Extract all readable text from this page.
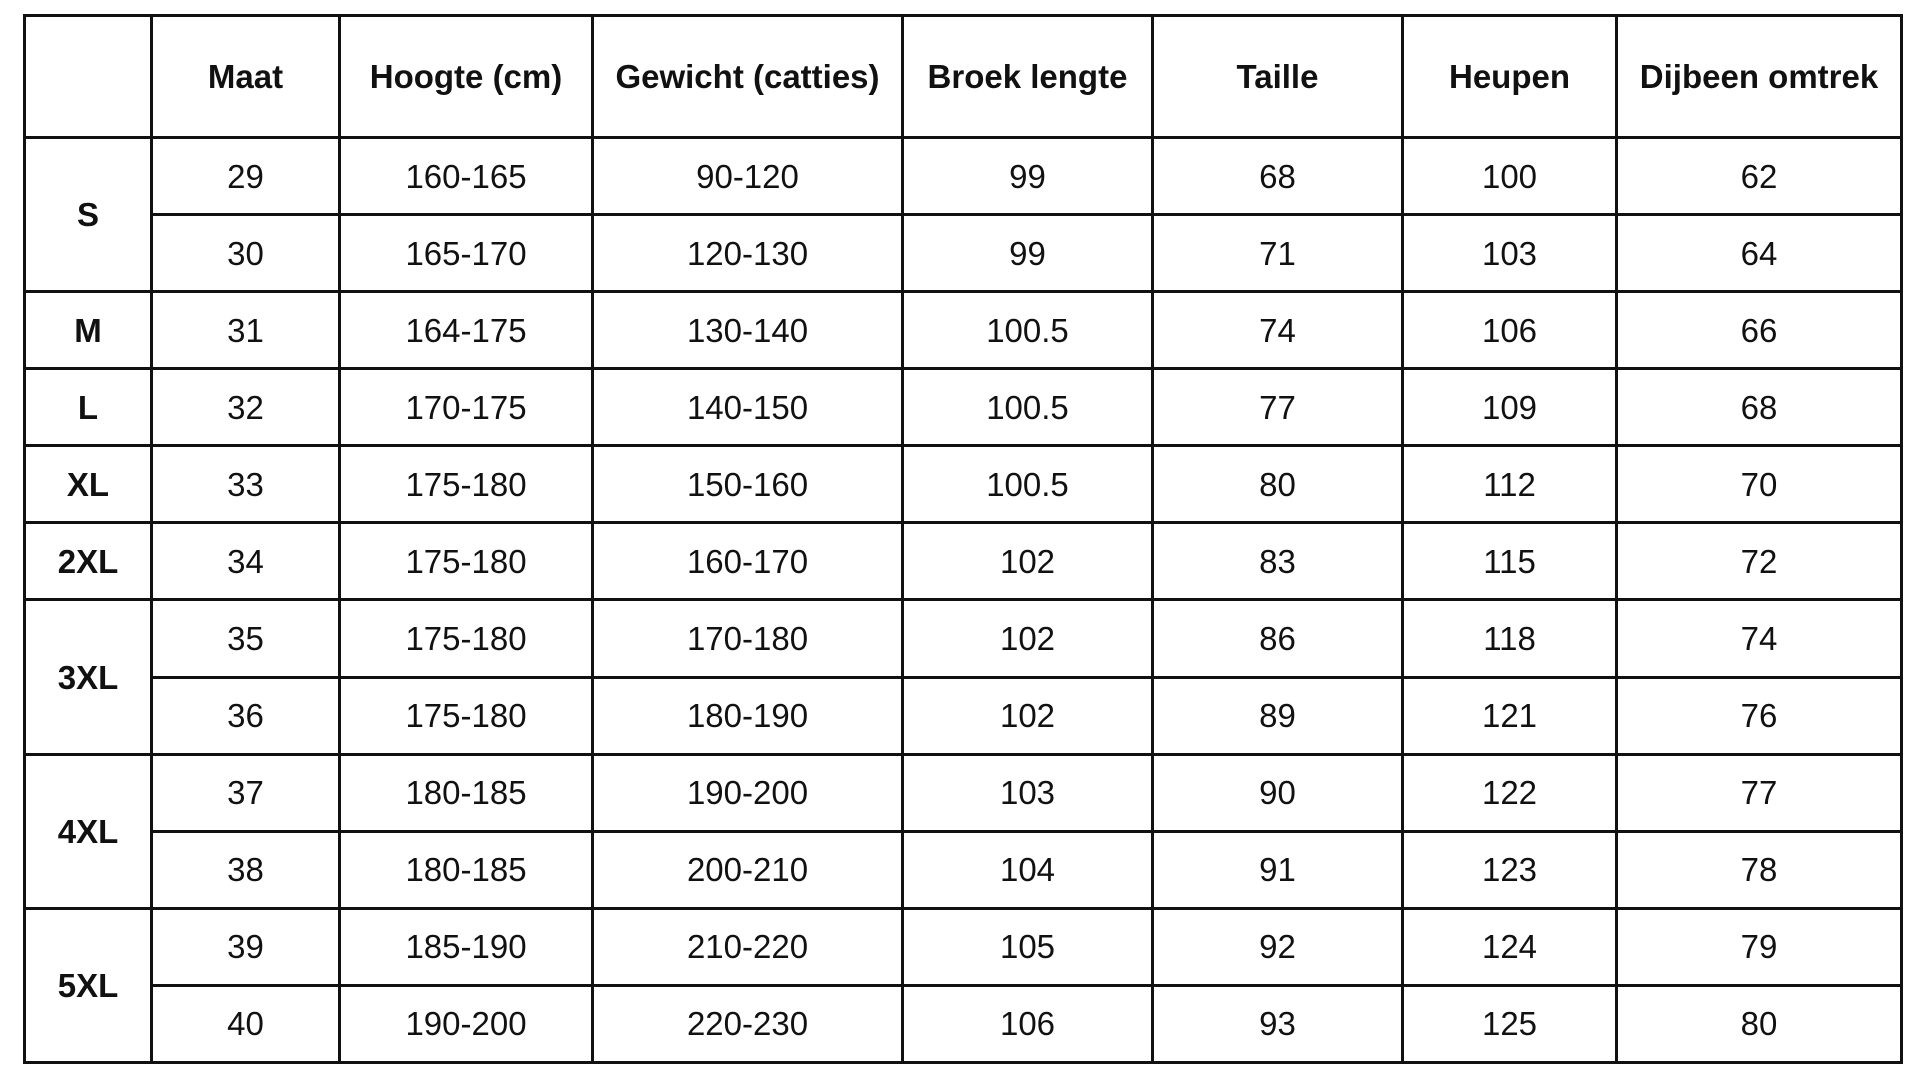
	Maat	Hoogte (cm)	Gewicht (catties)	Broek lengte	Taille	Heupen	Dijbeen omtrek
S	29	160-165	90-120	99	68	100	62
	30	165-170	120-130	99	71	103	64
M	31	164-175	130-140	100.5	74	106	66
L	32	170-175	140-150	100.5	77	109	68
XL	33	175-180	150-160	100.5	80	112	70
2XL	34	175-180	160-170	102	83	115	72
3XL	35	175-180	170-180	102	86	118	74
	36	175-180	180-190	102	89	121	76
4XL	37	180-185	190-200	103	90	122	77
	38	180-185	200-210	104	91	123	78
5XL	39	185-190	210-220	105	92	124	79
	40	190-200	220-230	106	93	125	80
